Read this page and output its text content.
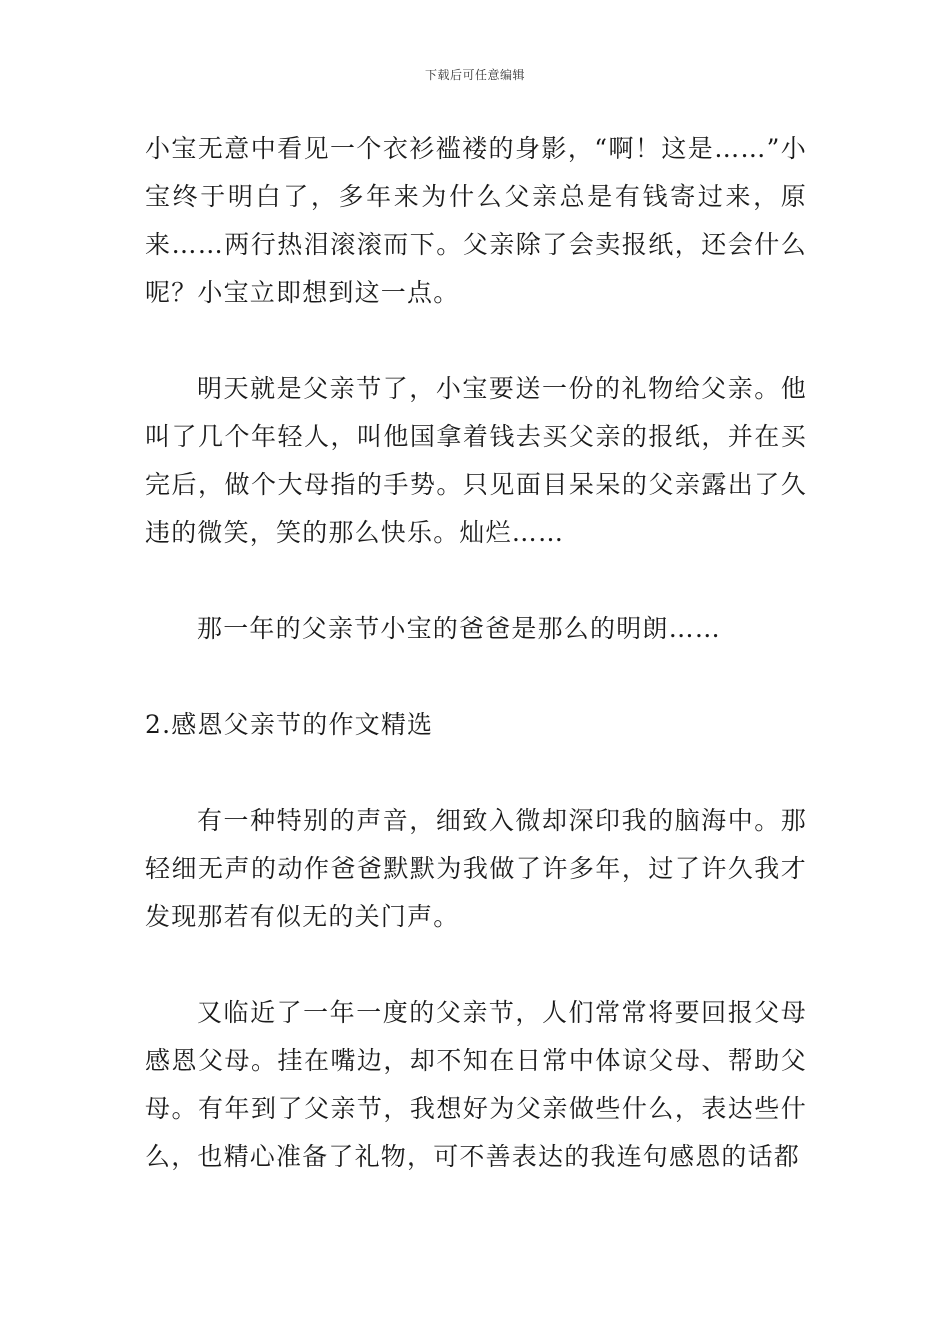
下载后可任意编辑

小宝无意中看见一个衣衫褴褛的身影，“啊！这是……”小宝终于明白了，多年来为什么父亲总是有钱寄过来，原来……两行热泪滚滚而下。父亲除了会卖报纸，还会什么呢？小宝立即想到这一点。

明天就是父亲节了，小宝要送一份的礼物给父亲。他叫了几个年轻人，叫他国拿着钱去买父亲的报纸，并在买完后，做个大母指的手势。只见面目呆呆的父亲露出了久违的微笑，笑的那么快乐。灿烂……

那一年的父亲节小宝的爸爸是那么的明朗……

2.感恩父亲节的作文精选

有一种特别的声音，细致入微却深印我的脑海中。那轻细无声的动作爸爸默默为我做了许多年，过了许久我才发现那若有似无的关门声。

又临近了一年一度的父亲节，人们常常将要回报父母感恩父母。挂在嘴边，却不知在日常中体谅父母、帮助父母。有年到了父亲节，我想好为父亲做些什么，表达些什么，也精心准备了礼物，可不善表达的我连句感恩的话都
